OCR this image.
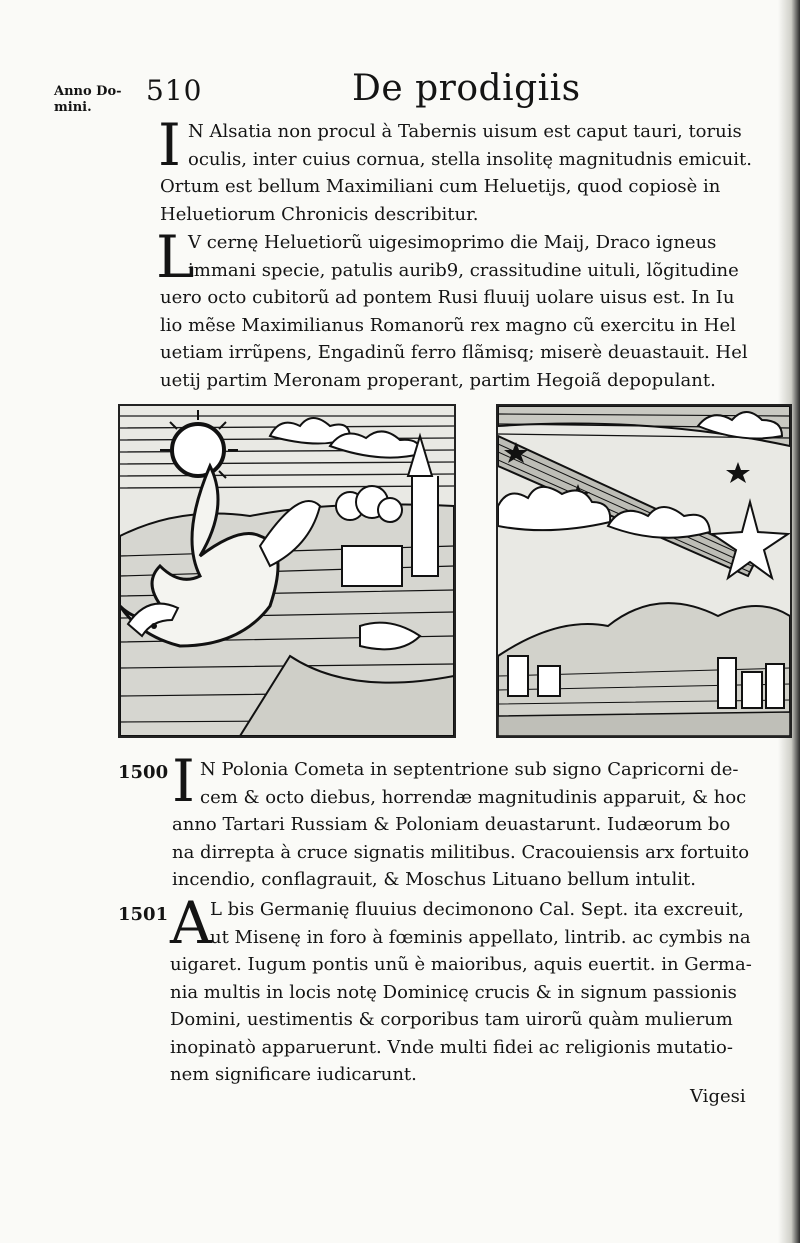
Anno Do-
mini.
510	De prodigiis
I N Alsatia non procul à Tabernis uisum est caput tauri, toruis
oculis, inter cuius cornua, stella insolitę magnitudnis emicuit.
Ortum est bellum Maximiliani cum Heluetijs, quod copiosè in
Heluetiorum Chronicis describitur.
L
V cernę Heluetiorũ uigesimoprimo die Maij, Draco igneus
immani specie, patulis aurib9, crassitudine uituli, lõgitudine
uero octo cubitorũ ad pontem Rusi fluuij uolare uisus est. In Iu
lio mẽse Maximilianus Romanorũ rex magno cũ exercitu in Hel
uetiam irrũpens, Engadinũ ferro flãmisq; miserè deuastauit. Hel
uetij partim Meronam properant, partim Hegoiã depopulant.
1500 I N Polonia Cometa in septentrione sub signo Capricorni de-
cem & octo diebus, horrendæ magnitudinis apparuit, & hoc
anno Tartari Russiam & Poloniam deuastarunt. Iudæorum bo
na dirrepta à cruce signatis militibus. Cracouiensis arx fortuito
incendio, conflagrauit, & Moschus Lituano bellum intulit.
1501 A
L bis Germanię fluuius decimonono Cal. Sept. ita excreuit,
ut Misenę in foro à fœminis appellato, lintrib. ac cymbis na
uigaret. Iugum pontis unũ è maioribus, aquis euertit. in Germa-
nia multis in locis notę Dominicę crucis & in signum passionis
Domini, uestimentis & corporibus tam uirorũ quàm mulierum
inopinatò apparuerunt. Vnde multi fidei ac religionis mutatio-
nem significare iudicarunt.
Vigesi
